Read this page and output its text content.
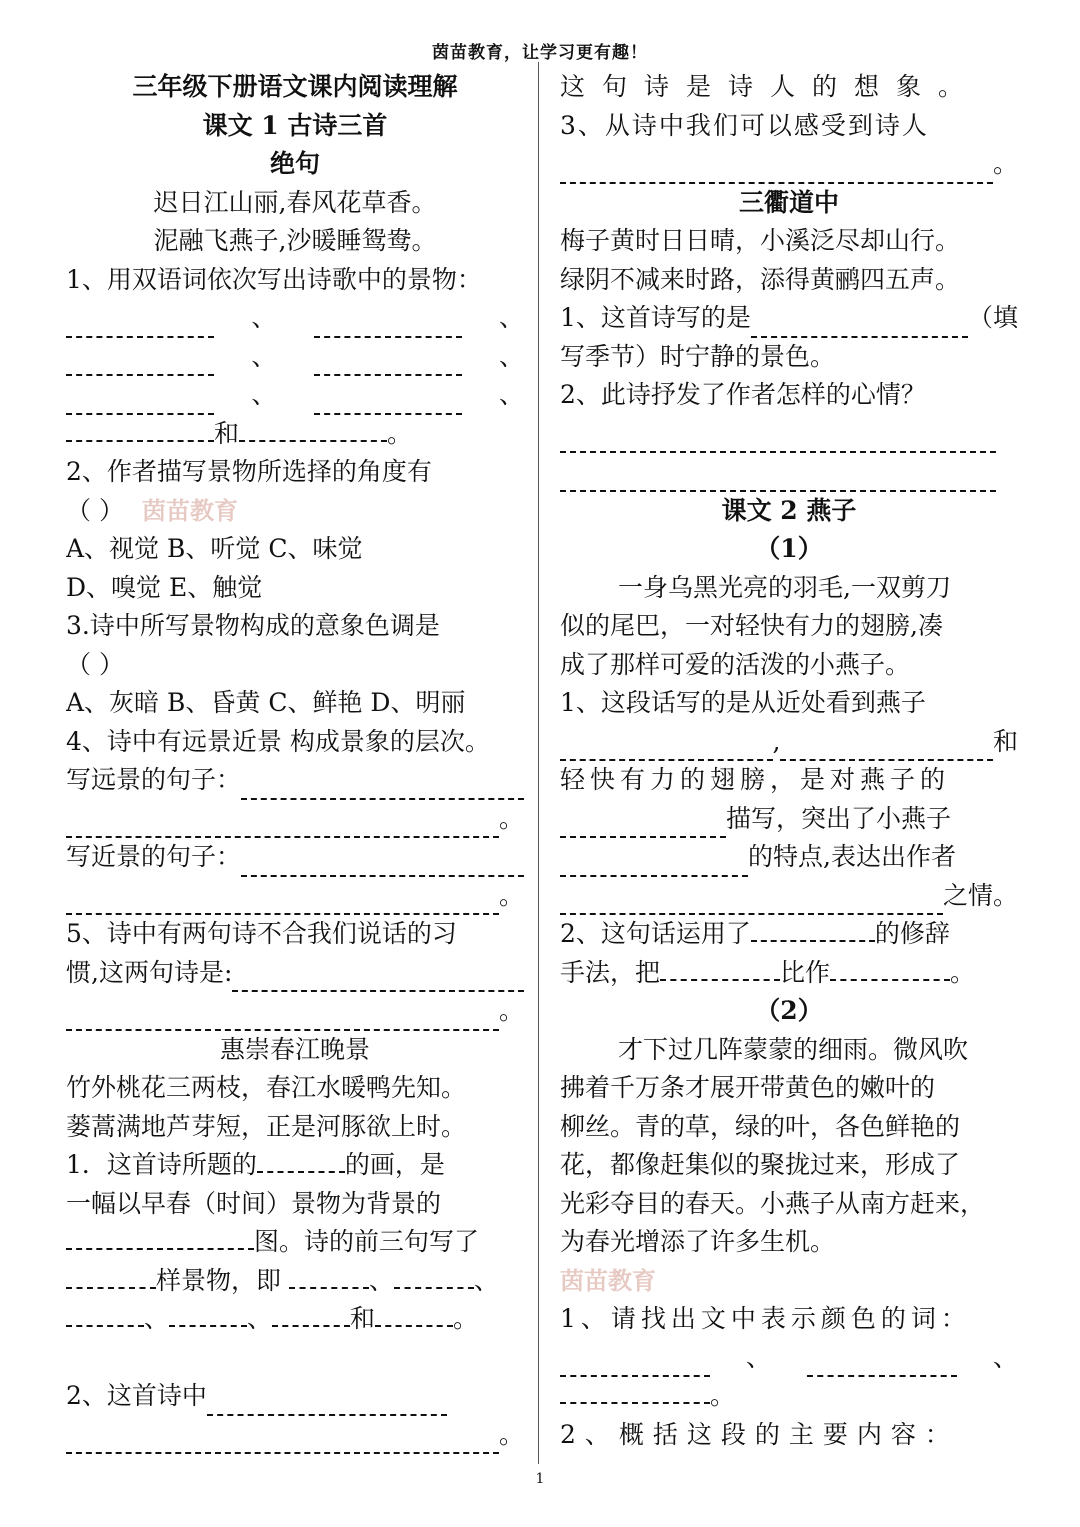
茵苗教育，让学习更有趣！
三年级下册语文课内阅读理解
课文 1 古诗三首
绝句
迟日江山丽,春风花草香。
泥融飞燕子,沙暖睡鸳鸯。
1、用双语词依次写出诗歌中的景物：
、	、
、	、
、	、
和	。
2、作者描写景物所选择的角度有
（ ） 茵苗教育
A、视觉 B、听觉 C、味觉
D、嗅觉 E、触觉
3.诗中所写景物构成的意象色调是
（ ）
A、灰暗 B、昏黄 C、鲜艳 D、明丽
4、诗中有远景近景 构成景象的层次。
写远景的句子：
。
写近景的句子：
。
5、诗中有两句诗不合我们说话的习
惯,这两句诗是:
。
惠崇春江晚景
竹外桃花三两枝，春江水暖鸭先知。
蒌蒿满地芦芽短，正是河豚欲上时。
1．这首诗所题的	的画，是
一幅以早春（时间）景物为背景的
图。诗的前三句写了
样景物，即	、	、
、	、	和	。
2、这首诗中
。
这句诗是诗人的想象。
3、从诗中我们可以感受到诗人
。
三衢道中
梅子黄时日日晴，小溪泛尽却山行。
绿阴不减来时路，添得黄鹂四五声。
1、这首诗写的是	（填
写季节）时宁静的景色。
2、此诗抒发了作者怎样的心情？
课文 2 燕子
（1）
一身乌黑光亮的羽毛,一双剪刀
似的尾巴，一对轻快有力的翅膀,凑
成了那样可爱的活泼的小燕子。
1、这段话写的是从近处看到燕子
,	和
轻快有力的翅膀，是对燕子的
描写，突出了小燕子
的特点,表达出作者
之情。
2、这句话运用了	的修辞
手法，把	比作	。
（2）
才下过几阵蒙蒙的细雨。微风吹
拂着千万条才展开带黄色的嫩叶的
柳丝。青的草，绿的叶，各色鲜艳的
花，都像赶集似的聚拢过来，形成了
光彩夺目的春天。小燕子从南方赶来，
为春光增添了许多生机。
茵苗教育
1、请找出文中表示颜色的词：
、	、
。
2、概括这段的主要内容：
1
